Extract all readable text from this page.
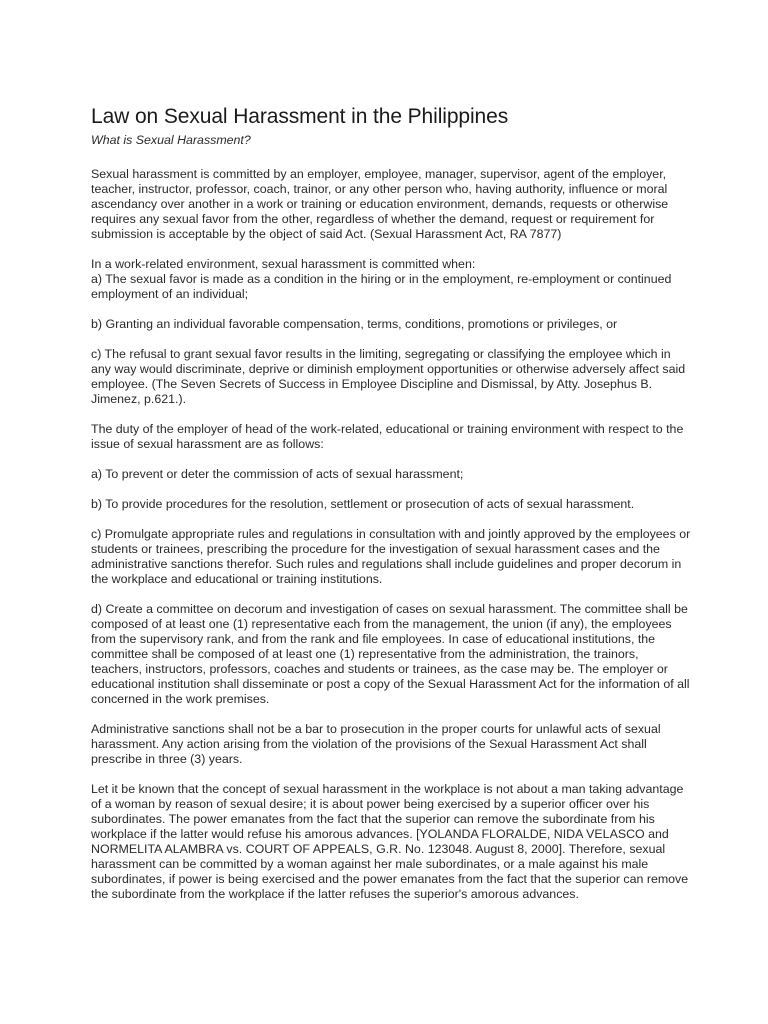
Law on Sexual Harassment in the Philippines
What is Sexual Harassment?

Sexual harassment is committed by an employer, employee, manager, supervisor, agent of the employer, teacher, instructor, professor, coach, trainor, or any other person who, having authority, influence or moral ascendancy over another in a work or training or education environment, demands, requests or otherwise requires any sexual favor from the other, regardless of whether the demand, request or requirement for submission is acceptable by the object of said Act. (Sexual Harassment Act, RA 7877)

In a work-related environment, sexual harassment is committed when:

a) The sexual favor is made as a condition in the hiring or in the employment, re-employment or continued employment of an individual;

b) Granting an individual favorable compensation, terms, conditions, promotions or privileges, or

c) The refusal to grant sexual favor results in the limiting, segregating or classifying the employee which in any way would discriminate, deprive or diminish employment opportunities or otherwise adversely affect said employee. (The Seven Secrets of Success in Employee Discipline and Dismissal, by Atty. Josephus B. Jimenez, p.621.).

The duty of the employer of head of the work-related, educational or training environment with respect to the issue of sexual harassment are as follows:

a) To prevent or deter the commission of acts of sexual harassment;

b) To provide procedures for the resolution, settlement or prosecution of acts of sexual harassment.

c) Promulgate appropriate rules and regulations in consultation with and jointly approved by the employees or students or trainees, prescribing the procedure for the investigation of sexual harassment cases and the administrative sanctions therefor. Such rules and regulations shall include guidelines and proper decorum in the workplace and educational or training institutions.

d) Create a committee on decorum and investigation of cases on sexual harassment. The committee shall be composed of at least one (1) representative each from the management, the union (if any), the employees from the supervisory rank, and from the rank and file employees. In case of educational institutions, the committee shall be composed of at least one (1) representative from the administration, the trainors, teachers, instructors, professors, coaches and students or trainees, as the case may be. The employer or educational institution shall disseminate or post a copy of the Sexual Harassment Act for the information of all concerned in the work premises.

Administrative sanctions shall not be a bar to prosecution in the proper courts for unlawful acts of sexual harassment. Any action arising from the violation of the provisions of the Sexual Harassment Act shall prescribe in three (3) years.

Let it be known that the concept of sexual harassment in the workplace is not about a man taking advantage of a woman by reason of sexual desire; it is about power being exercised by a superior officer over his subordinates. The power emanates from the fact that the superior can remove the subordinate from his workplace if the latter would refuse his amorous advances. [YOLANDA FLORALDE, NIDA VELASCO and NORMELITA ALAMBRA vs. COURT OF APPEALS, G.R. No. 123048. August 8, 2000]. Therefore, sexual harassment can be committed by a woman against her male subordinates, or a male against his male subordinates, if power is being exercised and the power emanates from the fact that the superior can remove the subordinate from the workplace if the latter refuses the superior's amorous advances.
